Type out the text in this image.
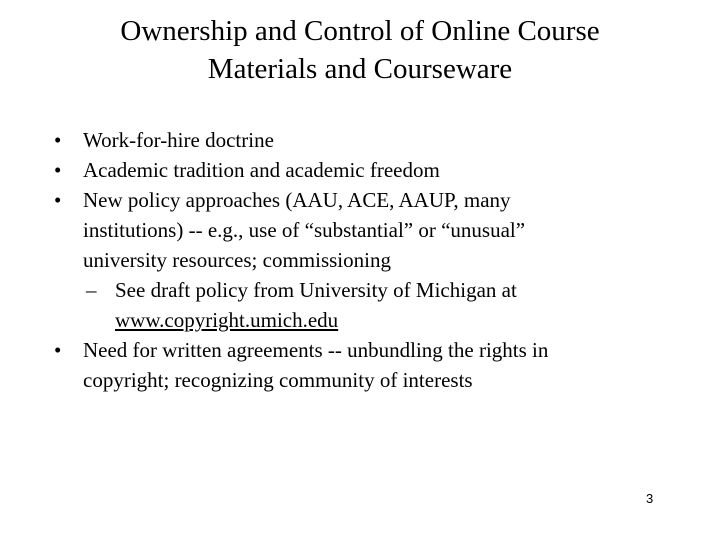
Ownership and Control of Online Course
Materials and Courseware
• Work-for-hire doctrine
• Academic tradition and academic freedom
• New policy approaches (AAU, ACE, AAUP, many
institutions) -- e.g., use of “substantial” or “unusual”
university resources; commissioning
– See draft policy from University of Michigan at
www.copyright.umich.edu
• Need for written agreements -- unbundling the rights in
copyright; recognizing community of interests
3
